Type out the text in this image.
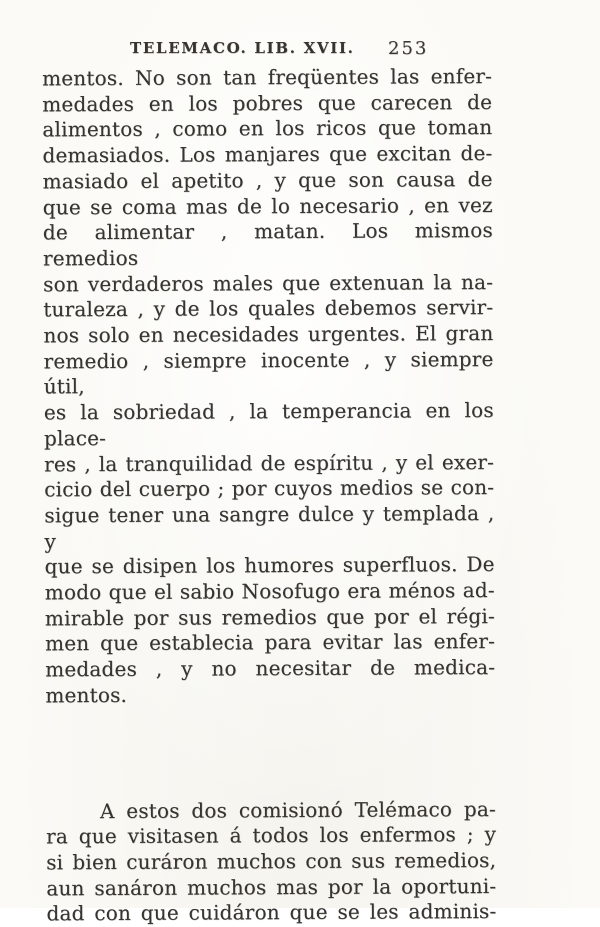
TELEMACO. LIB. XVII. 253
mentos. No son tan freqüentes las enfer-
medades en los pobres que carecen de
alimentos , como en los ricos que toman
demasiados. Los manjares que excitan de-
masiado el apetito , y que son causa de
que se coma mas de lo necesario , en vez
de alimentar , matan. Los mismos remedios
son verdaderos males que extenuan la na-
turaleza , y de los quales debemos servir-
nos solo en necesidades urgentes. El gran
remedio , siempre inocente , y siempre útil,
es la sobriedad , la temperancia en los place-
res , la tranquilidad de espíritu , y el exer-
cicio del cuerpo ; por cuyos medios se con-
sigue tener una sangre dulce y templada , y
que se disipen los humores superfluos. De
modo que el sabio Nosofugo era ménos ad-
mirable por sus remedios que por el régi-
men que establecia para evitar las enfer-
medades , y no necesitar de medica-
mentos.
A estos dos comisionó Telémaco pa-
ra que visitasen á todos los enfermos ; y
si bien curáron muchos con sus remedios,
aun sanáron muchos mas por la oportuni-
dad con que cuidáron que se les adminis-
